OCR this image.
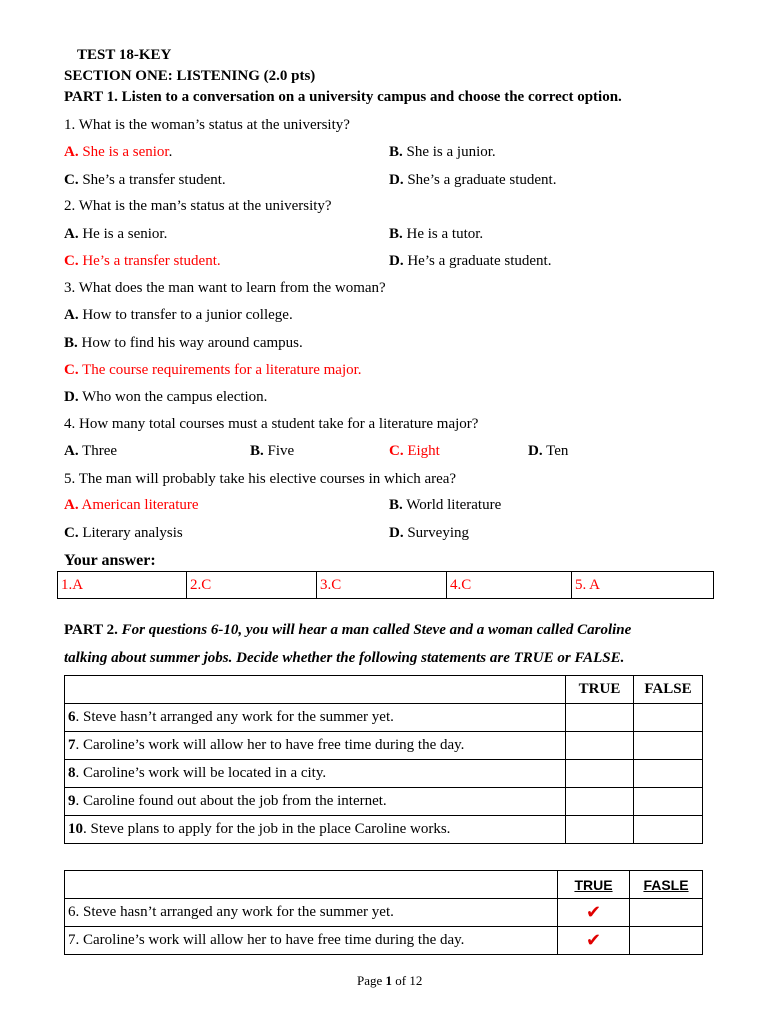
TEST 18-KEY
SECTION ONE: LISTENING (2.0 pts)
PART 1. Listen to a conversation on a university campus and choose the correct option.
1. What is the woman’s status at the university?
A. She is a senior.	B. She is a junior.
C. She’s a transfer student.	D. She’s a graduate student.
2. What is the man’s status at the university?
A. He is a senior.	B. He is a tutor.
C. He’s a transfer student.	D. He’s a graduate student.
3. What does the man want to learn from the woman?
A. How to transfer to a junior college.
B. How to find his way around campus.
C. The course requirements for a literature major.
D. Who won the campus election.
4. How many total courses must a student take for a literature major?
A. Three	B. Five	C. Eight	D. Ten
5. The man will probably take his elective courses in which area?
A. American literature	B. World literature
C. Literary analysis	D. Surveying
Your answer:
1.A	2.C	3.C	4.C	5. A
PART 2. For questions 6-10, you will hear a man called Steve and a woman called Caroline
talking about summer jobs. Decide whether the following statements are TRUE or FALSE.
	TRUE	FALSE
6. Steve hasn’t arranged any work for the summer yet.		
7. Caroline’s work will allow her to have free time during the day.		
8. Caroline’s work will be located in a city.		
9. Caroline found out about the job from the internet.		
10. Steve plans to apply for the job in the place Caroline works.		
	TRUE	FASLE
6. Steve hasn’t arranged any work for the summer yet.	✔	
7. Caroline’s work will allow her to have free time during the day.	✔	
Page 1 of 12
